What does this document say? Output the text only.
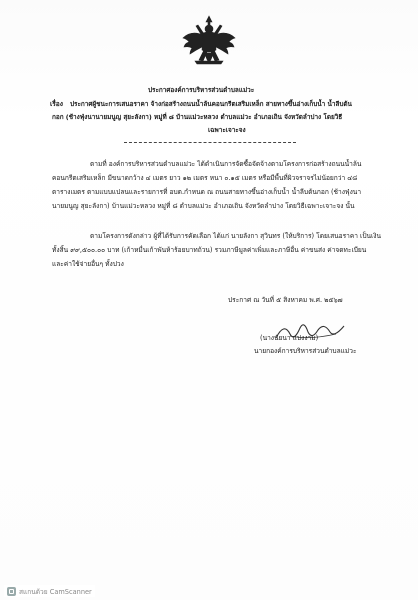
ประกาศองค์การบริหารส่วนตำบลแม่วะ
เรื่อง ประกาศผู้ชนะการเสนอราคา จ้างก่อสร้างถนนน้ำล้นคอนกรีตเสริมเหล็ก สายทางขึ้นอ่างเก็บน้ำ น้ำลีบต้น
กอก (ช้างฟุ่งนานายมนูญ สุยะลังกา) หมู่ที่ ๘ บ้านแม่วะหลวง ตำบลแม่วะ อำเภอเถิน จังหวัดลำปาง โดยวิธี
เฉพาะเจาะจง
ตามที่ องค์การบริหารส่วนตำบลแม่วะ ได้ดำเนินการจัดซื้อจัดจ้างตามโครงการก่อสร้างถนนน้ำล้น
คอนกรีตเสริมเหล็ก มีขนาดกว้าง ๔ เมตร ยาว ๑๒ เมตร หนา ๐.๑๕ เมตร หรือมีพื้นที่ผิวจราจรไม่น้อยกว่า ๔๘
ตารางเมตร ตามแบบแปลนและรายการที่ อบต.กำหนด ณ ถนนสายทางขึ้นอ่างเก็บน้ำ น้ำลีบต้นกอก (ช้างฟุ่งนา
นายมนูญ สุยะลังกา) บ้านแม่วะหลวง หมู่ที่ ๘ ตำบลแม่วะ อำเภอเถิน จังหวัดลำปาง โดยวิธีเฉพาะเจาะจง นั้น
ตามโครงการดังกล่าว ผู้ที่ได้รับการคัดเลือก ได้แก่ นายลังกา สุวินทร (ให้บริการ) โดยเสนอราคา เป็นเงิน
ทั้งสิ้น ๙๙,๕๐๐.๐๐ บาท (เก้าหมื่นเก้าพันห้าร้อยบาทถ้วน) รวมภาษีมูลค่าเพิ่มและภาษีอื่น ค่าขนส่ง ค่าจดทะเบียน
และค่าใช้จ่ายอื่นๆ ทั้งปวง
ประกาศ ณ วันที่ ๕ สิงหาคม พ.ศ. ๒๕๖๗
(นางนัยนา แปงงาม)
นายกองค์การบริหารส่วนตำบลแม่วะ
สแกนด้วย CamScanner
